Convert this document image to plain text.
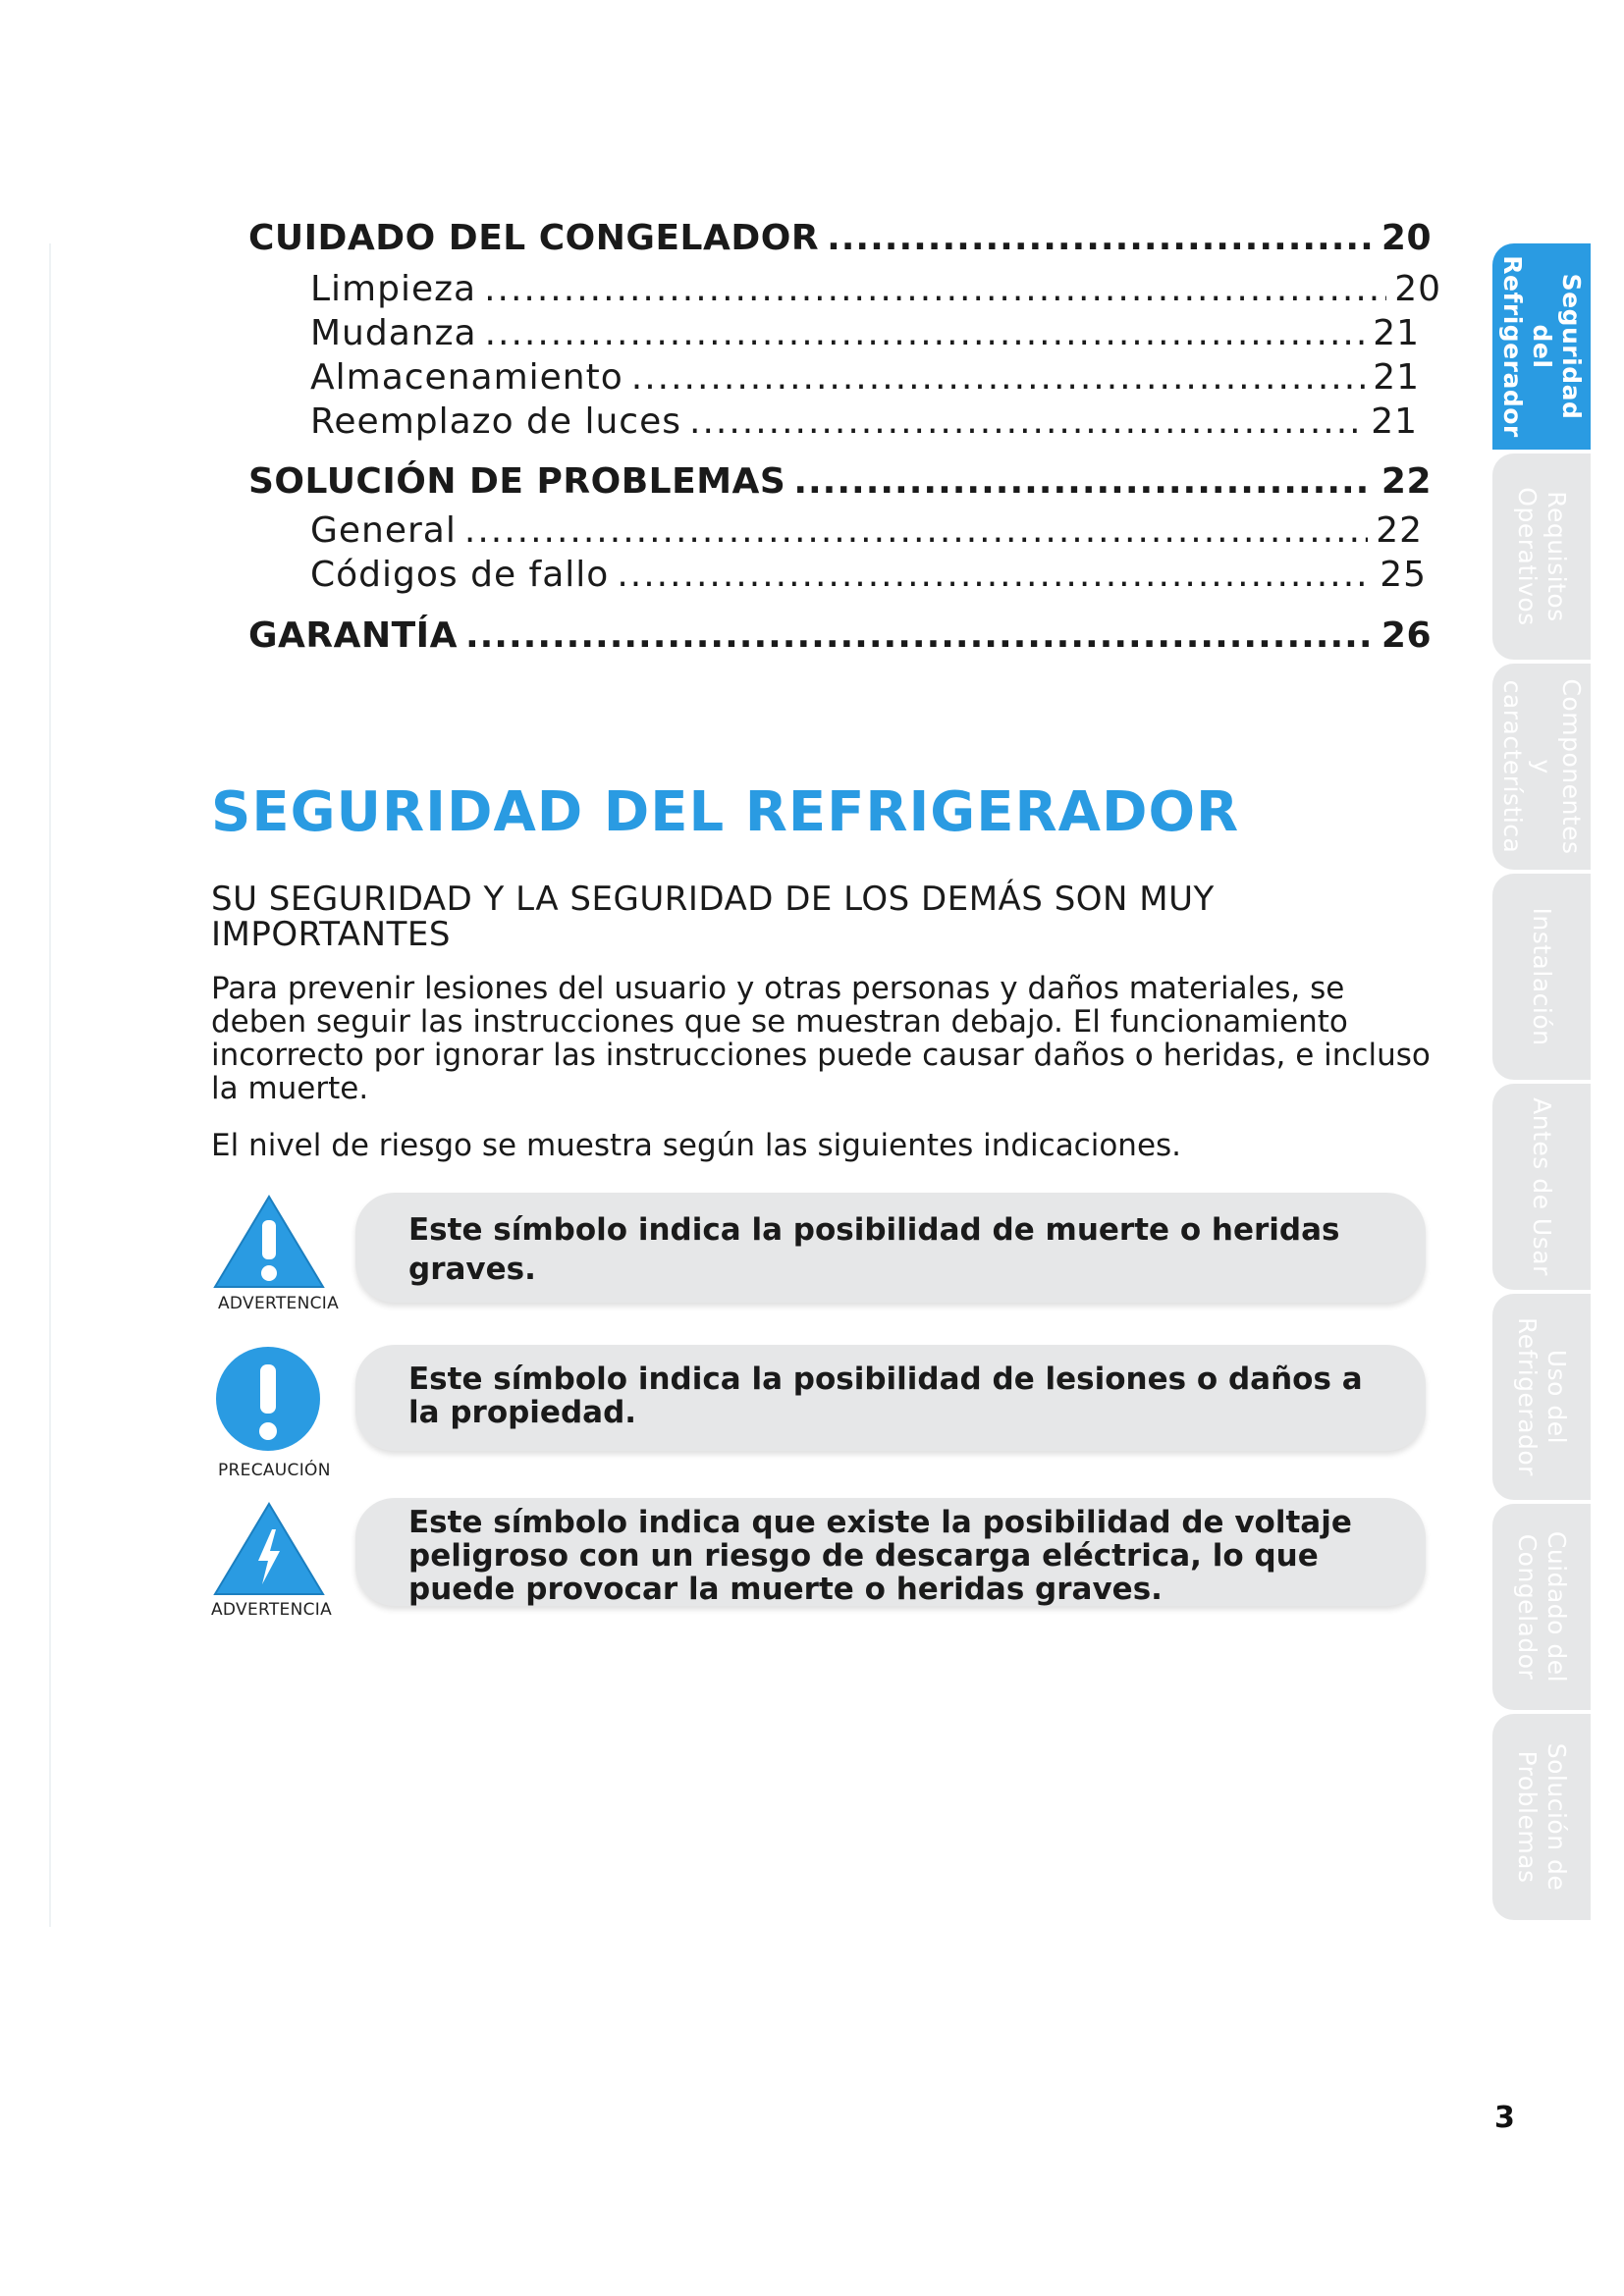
CUIDADO DEL CONGELADOR .....	20
Limpieza .....	20
Mudanza .....	21
Almacenamiento .....	21
Reemplazo de luces .....	21
SOLUCIÓN DE PROBLEMAS .....	22
General .....	22
Códigos de fallo .....	25
GARANTÍA .....	26
SEGURIDAD DEL REFRIGERADOR

SU SEGURIDAD Y LA SEGURIDAD DE LOS DEMÁS SON MUY IMPORTANTES

Para prevenir lesiones del usuario y otras personas y daños materiales, se deben seguir las instrucciones que se muestran debajo. El funcionamiento incorrecto por ignorar las instrucciones puede causar daños o heridas, e incluso la muerte.

El nivel de riesgo se muestra según las siguientes indicaciones.

ADVERTENCIA
Este símbolo indica la posibilidad de muerte o heridas graves.
PRECAUCIÓN
Este símbolo indica la posibilidad de lesiones o daños a la propiedad.
ADVERTENCIA
Este símbolo indica que existe la posibilidad de voltaje peligroso con un riesgo de descarga eléctrica, lo que puede provocar la muerte o heridas graves.
Seguridad del Refrigerador
Requisitos Operativos
Componentes y característica
Instalación
Antes de Usar
Uso del Refrigerador
Cuidado del Congelador
Solución de Problemas
3
